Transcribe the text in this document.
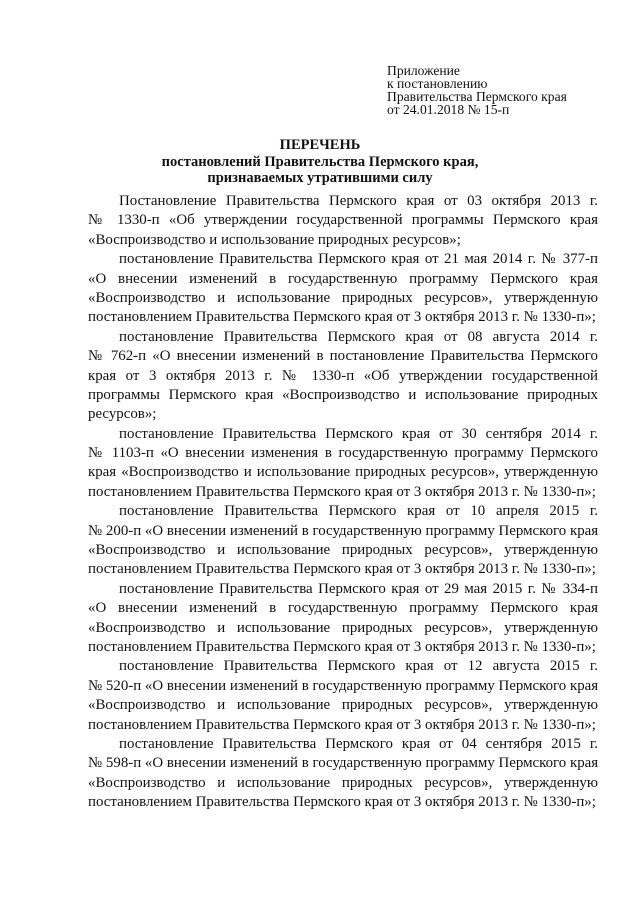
Приложение
к постановлению
Правительства Пермского края
от 24.01.2018 № 15-п
ПЕРЕЧЕНЬ
постановлений Правительства Пермского края,
признаваемых утратившими силу
Постановление Правительства Пермского края от 03 октября 2013 г.
№ 1330-п «Об утверждении государственной программы Пермского края
«Воспроизводство и использование природных ресурсов»;
постановление Правительства Пермского края от 21 мая 2014 г. № 377-п
«О внесении изменений в государственную программу Пермского края
«Воспроизводство и использование природных ресурсов», утвержденную
постановлением Правительства Пермского края от 3 октября 2013 г. № 1330-п»;
постановление Правительства Пермского края от 08 августа 2014 г.
№ 762-п «О внесении изменений в постановление Правительства Пермского
края от 3 октября 2013 г. № 1330-п «Об утверждении государственной
программы Пермского края «Воспроизводство и использование природных
ресурсов»;
постановление Правительства Пермского края от 30 сентября 2014 г.
№ 1103-п «О внесении изменения в государственную программу Пермского
края «Воспроизводство и использование природных ресурсов», утвержденную
постановлением Правительства Пермского края от 3 октября 2013 г. № 1330-п»;
постановление Правительства Пермского края от 10 апреля 2015 г.
№ 200-п «О внесении изменений в государственную программу Пермского края
«Воспроизводство и использование природных ресурсов», утвержденную
постановлением Правительства Пермского края от 3 октября 2013 г. № 1330-п»;
постановление Правительства Пермского края от 29 мая 2015 г. № 334-п
«О внесении изменений в государственную программу Пермского края
«Воспроизводство и использование природных ресурсов», утвержденную
постановлением Правительства Пермского края от 3 октября 2013 г. № 1330-п»;
постановление Правительства Пермского края от 12 августа 2015 г.
№ 520-п «О внесении изменений в государственную программу Пермского края
«Воспроизводство и использование природных ресурсов», утвержденную
постановлением Правительства Пермского края от 3 октября 2013 г. № 1330-п»;
постановление Правительства Пермского края от 04 сентября 2015 г.
№ 598-п «О внесении изменений в государственную программу Пермского края
«Воспроизводство и использование природных ресурсов», утвержденную
постановлением Правительства Пермского края от 3 октября 2013 г. № 1330-п»;
